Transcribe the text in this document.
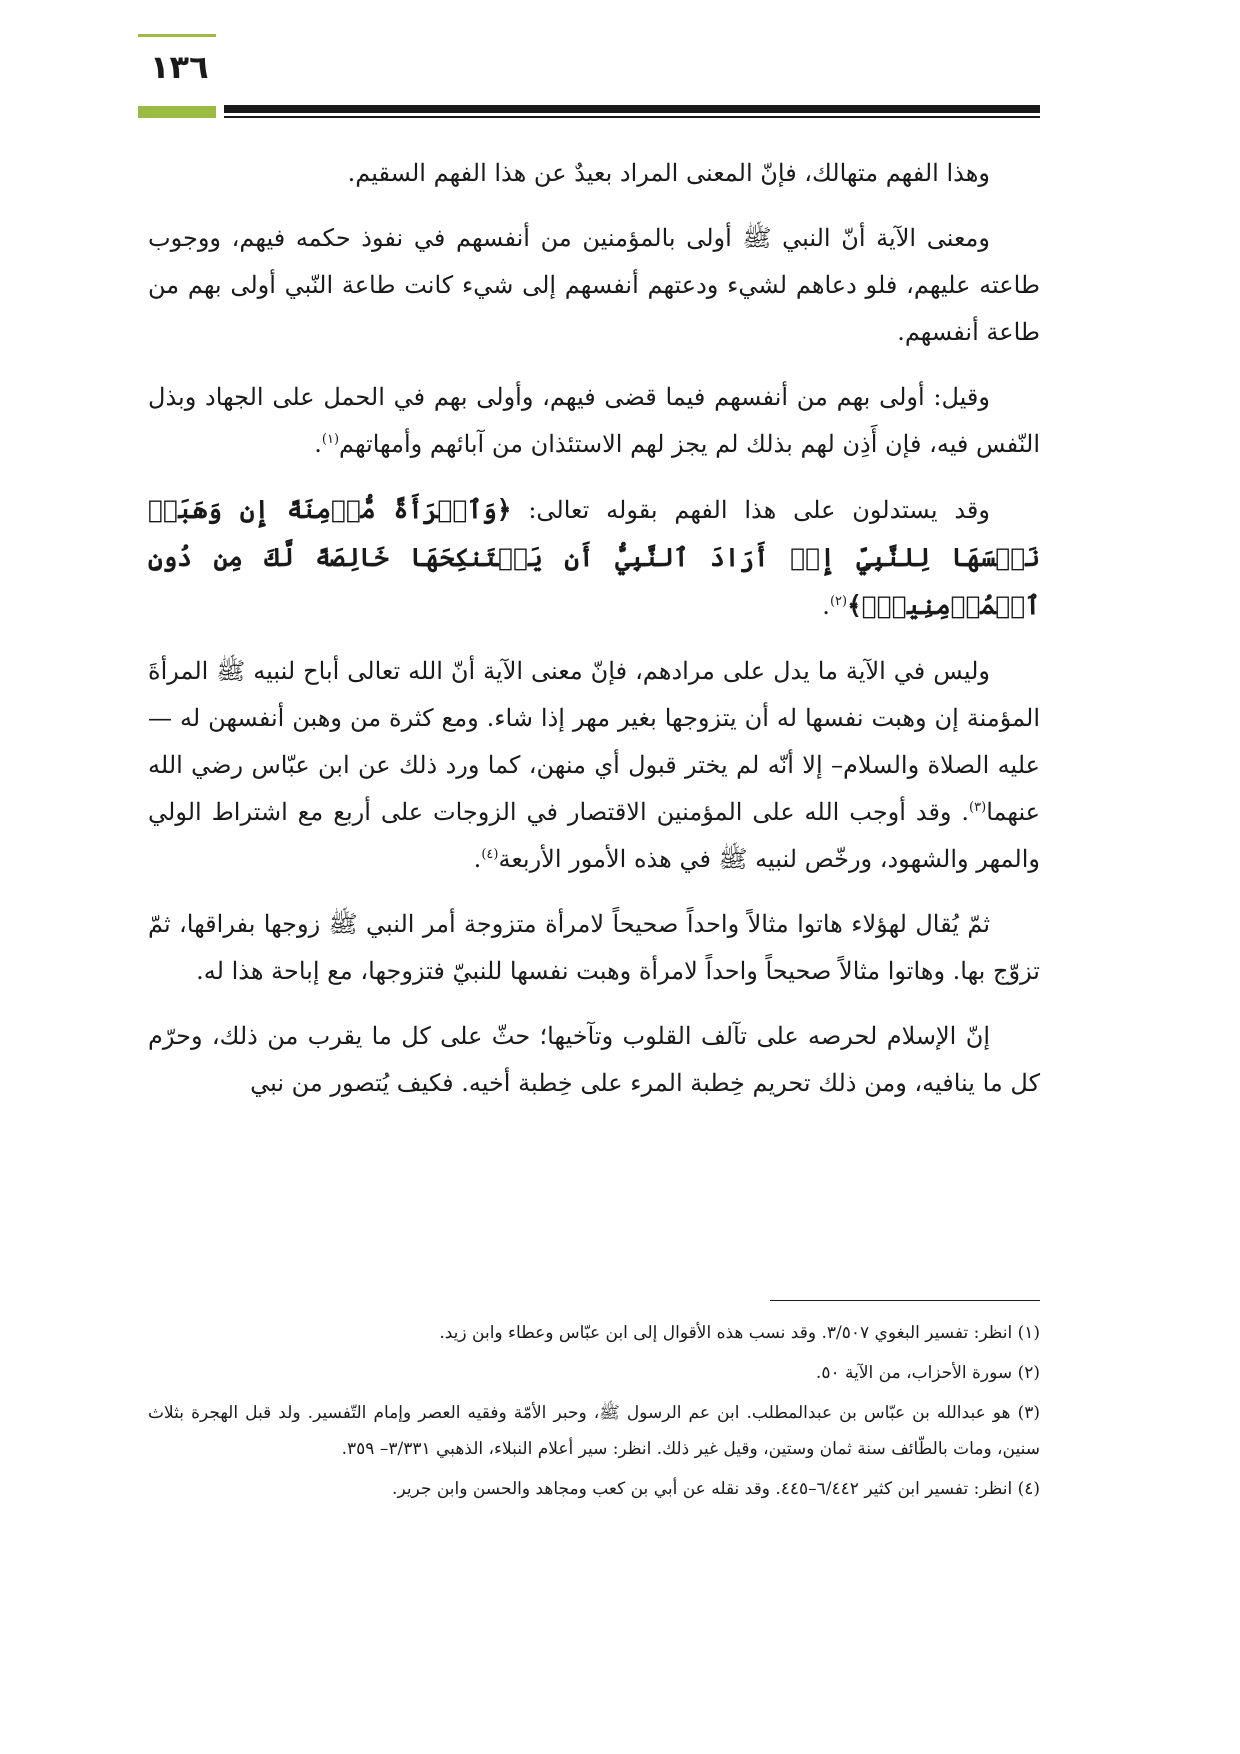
١٣٦

وهذا الفهم متهالك، فإنّ المعنى المراد بعيدٌ عن هذا الفهم السقيم.

ومعنى الآية أنّ النبي ﷺ أولى بالمؤمنين من أنفسهم في نفوذ حكمه فيهم، ووجوب طاعته عليهم، فلو دعاهم لشيء ودعتهم أنفسهم إلى شيء كانت طاعة النّبي أولى بهم من طاعة أنفسهم.

وقيل: أولى بهم من أنفسهم فيما قضى فيهم، وأولى بهم في الحمل على الجهاد وبذل النّفس فيه، فإن أَذِن لهم بذلك لم يجز لهم الاستئذان من آبائهم وأمهاتهم$^{(١)}$.

وقد يستدلون على هذا الفهم بقوله تعالى: ﴿وَٱمۡرَأَةً مُّؤۡمِنَةً إِن وَهَبَتۡ نَفۡسَهَا لِلنَّبِيِّ إِنۡ أَرَادَ ٱلنَّبِيُّ أَن يَسۡتَنكِحَهَا خَالِصَةً لَّكَ مِن دُونِ ٱلۡمُؤۡمِنِينَۗ﴾$^{(٢)}$.

وليس في الآية ما يدل على مرادهم، فإنّ معنى الآية أنّ الله تعالى أباح لنبيه ﷺ المرأةَ المؤمنة إن وهبت نفسها له أن يتزوجها بغير مهر إذا شاء. ومع كثرة من وهبن أنفسهن له — عليه الصلاة والسلام– إلا أنّه لم يختر قبول أي منهن، كما ورد ذلك عن ابن عبّاس رضي الله عنهما$^{(٣)}$. وقد أوجب الله على المؤمنين الاقتصار في الزوجات على أربع مع اشتراط الولي والمهر والشهود، ورخّص لنبيه ﷺ في هذه الأمور الأربعة$^{(٤)}$.

ثمّ يُقال لهؤلاء هاتوا مثالاً واحداً صحيحاً لامرأة متزوجة أمر النبي ﷺ زوجها بفراقها، ثمّ تزوّج بها. وهاتوا مثالاً صحيحاً واحداً لامرأة وهبت نفسها للنبيّ فتزوجها، مع إباحة هذا له.

إنّ الإسلام لحرصه على تآلف القلوب وتآخيها؛ حثّ على كل ما يقرب من ذلك، وحرّم كل ما ينافيه، ومن ذلك تحريم خِطبة المرء على خِطبة أخيه. فكيف يُتصور من نبي

(١) انظر: تفسير البغوي ٣/٥٠٧. وقد نسب هذه الأقوال إلى ابن عبّاس وعطاء وابن زيد.

(٢) سورة الأحزاب، من الآية ٥٠.

(٣) هو عبدالله بن عبّاس بن عبدالمطلب. ابن عم الرسول ﷺ، وحبر الأمّة وفقيه العصر وإمام التّفسير. ولد قبل الهجرة بثلاث سنين، ومات بالطّائف سنة ثمان وستين، وقيل غير ذلك. انظر: سير أعلام النبلاء، الذهبي ٣/٣٣١– ٣٥٩.

(٤) انظر: تفسير ابن كثير ٦/٤٤٢–٤٤٥. وقد نقله عن أبي بن كعب ومجاهد والحسن وابن جرير.
